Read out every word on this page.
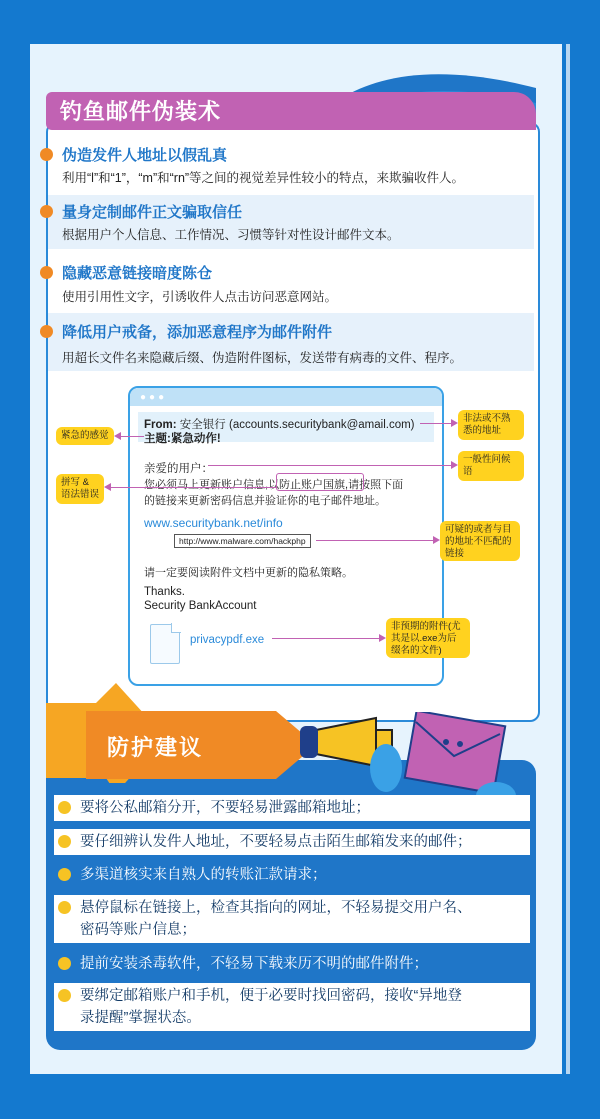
钓鱼邮件伪装术
伪造发件人地址以假乱真
利用“l”和“1”，“m”和“rn”等之间的视觉差异性较小的特点，来欺骗收件人。
量身定制邮件正文骗取信任
根据用户个人信息、工作情况、习惯等针对性设计邮件文本。
隐藏恶意链接暗度陈仓
使用引用性文字，引诱收件人点击访问恶意网站。
降低用户戒备，添加恶意程序为邮件附件
用超长文件名来隐藏后缀、伪造附件图标，发送带有病毒的文件、程序。
●●●
From: 安全银行 (accounts.securitybank@amail.com)
主题:紧急动作!
亲爱的用户：
您必须马上更新账户信息,以防止账户国旗,请按照下面
的链接来更新密码信息并验证你的电子邮件地址。
www.securitybank.net/info
http://www.malware.com/hackphp
请一定要阅读附件文档中更新的隐私策略。
Thanks.
Security BankAccount
privacypdf.exe
紧急的感觉
拼写 & 语法错误
非法或不熟悉的地址
一般性问候语
可疑的或者与目的地址不匹配的链接
非预期的附件(尤其是以.exe为后缀名的文件)
防护建议
要将公私邮箱分开，不要轻易泄露邮箱地址；
要仔细辨认发件人地址，不要轻易点击陌生邮箱发来的邮件；
多渠道核实来自熟人的转账汇款请求；
悬停鼠标在链接上，检查其指向的网址，不轻易提交用户名、
密码等账户信息；
提前安装杀毒软件，不轻易下载来历不明的邮件附件；
要绑定邮箱账户和手机，便于必要时找回密码，接收“异地登
录提醒”掌握状态。
